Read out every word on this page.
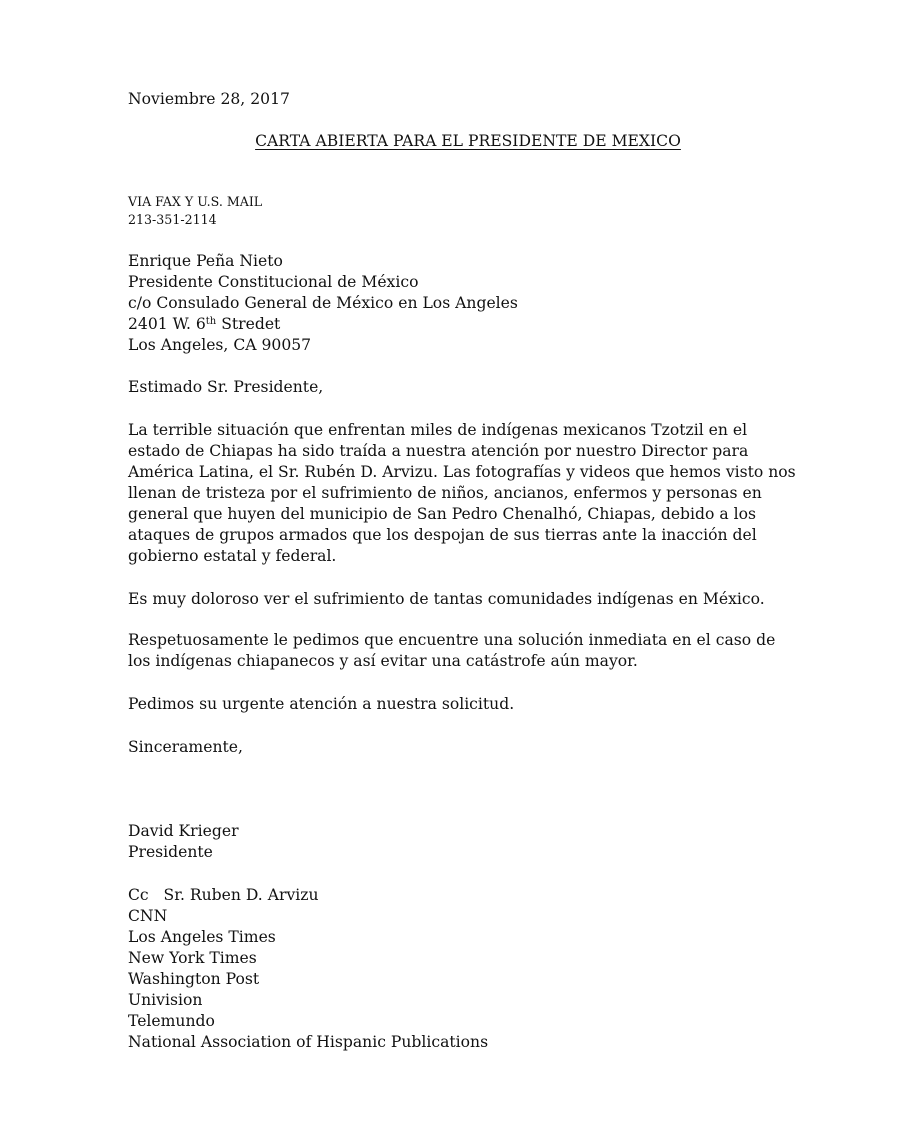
Noviembre 28, 2017
CARTA ABIERTA PARA EL PRESIDENTE DE MEXICO
VIA FAX Y U.S. MAIL
213-351-2114
Enrique Peña Nieto
Presidente Constitucional de México
c/o Consulado General de México en Los Angeles
2401 W. 6th Stredet
Los Angeles, CA 90057
Estimado Sr. Presidente,
La terrible situación que enfrentan miles de indígenas mexicanos Tzotzil en el
estado de Chiapas ha sido traída a nuestra atención por nuestro Director para
América Latina, el Sr. Rubén D. Arvizu. Las fotografías y videos que hemos visto nos
llenan de tristeza por el sufrimiento de niños, ancianos, enfermos y personas en
general que huyen del municipio de San Pedro Chenalhó, Chiapas, debido a los
ataques de grupos armados que los despojan de sus tierras ante la inacción del
gobierno estatal y federal.
Es muy doloroso ver el sufrimiento de tantas comunidades indígenas en México.
Respetuosamente le pedimos que encuentre una solución inmediata en el caso de
los indígenas chiapanecos y así evitar una catástrofe aún mayor.
Pedimos su urgente atención a nuestra solicitud.
Sinceramente,
David Krieger
Presidente
Cc   Sr. Ruben D. Arvizu
CNN
Los Angeles Times
New York Times
Washington Post
Univision
Telemundo
National Association of Hispanic Publications
